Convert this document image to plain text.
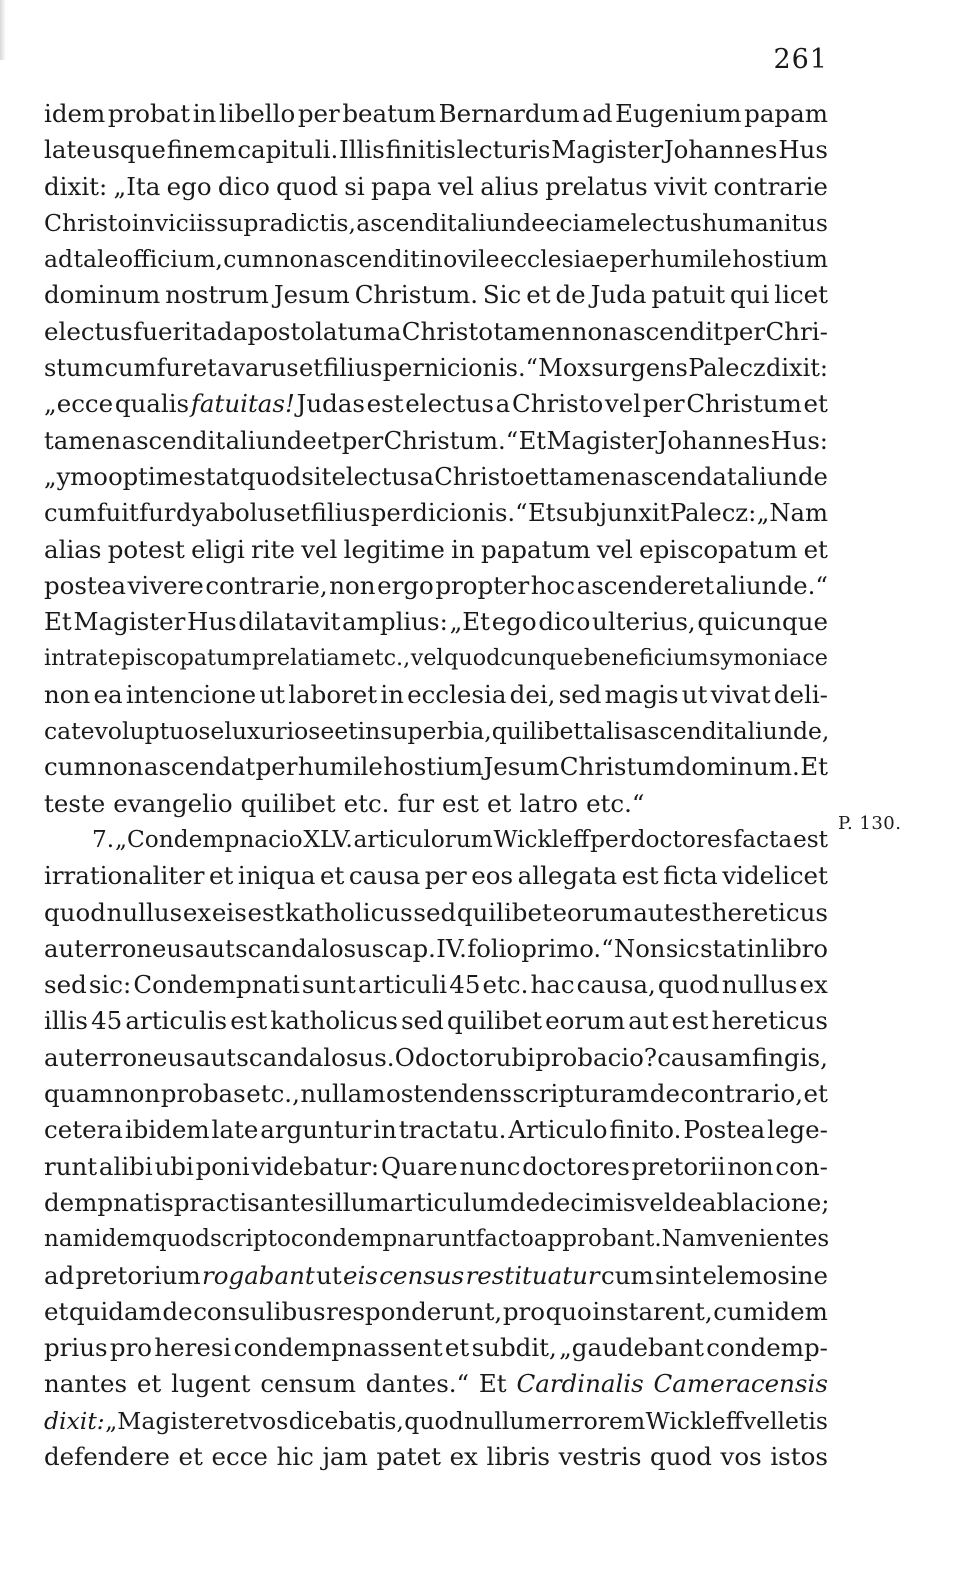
261
idem probat in libello per beatum Bernardum ad Eugenium papam
late usque finem capituli. Illis finitis lecturis Magister Johannes Hus
dixit: „Ita ego dico quod si papa vel alius prelatus vivit contrarie
Christo in viciis supradictis, ascendit aliunde eciam electus humanitus
ad tale officium, cum non ascendit in ovile ecclesiae per humile hostium
dominum nostrum Jesum Christum. Sic et de Juda patuit qui licet
electus fuerit ad apostolatum a Christo tamen non ascendit per Chri-
stum cum fur et avarus et filius pernicionis.“ Mox surgens Palecz dixit:
„ecce qualis fatuitas! Judas est electus a Christo vel per Christum et
tamen ascendit aliunde et per Christum.“ Et Magister Johannes Hus:
„ymo optime stat quod sit electus a Christo et tamen ascendat aliunde
cum fuit fur dyabolus et filius perdicionis.“ Et subjunxit Palecz: „Nam
alias potest eligi rite vel legitime in papatum vel episcopatum et
postea vivere contrarie, non ergo propter hoc ascenderet aliunde.“
Et Magister Hus dilatavit amplius: „Et ego dico ulterius, quicunque
intrat episcopatum prelatiam etc., vel quodcunque beneficium symoniace
non ea intencione ut laboret in ecclesia dei, sed magis ut vivat deli-
cate voluptuose luxuriose et in superbia, quilibet talis ascendit aliunde,
cum non ascendat per humile hostium Jesum Christum dominum. Et
teste evangelio quilibet etc. fur est et latro etc.“
7. „Condempnacio XLV. articulorum Wickleff per doctores facta est
irrationaliter et iniqua et causa per eos allegata est ficta videlicet
quod nullus ex eis est katholicus sed quilibet eorum aut est hereticus
aut erroneus aut scandalosus cap. IV. folio primo.“ Non sic stat in libro
sed sic: Condempnati sunt articuli 45 etc. hac causa, quod nullus ex
illis 45 articulis est katholicus sed quilibet eorum aut est hereticus
aut erroneus aut scandalosus. O doctor ubi probacio? causam fingis,
quam non probas etc., nullam ostendens scripturam de contrario, et
cetera ibidem late arguntur in tractatu. Articulo finito. Postea lege-
runt alibi ubi poni videbatur: Quare nunc doctores pretorii non con-
dempnatis practisantes illum articulum de decimis vel de ablacione;
nam idem quod scripto condempnarunt facto approbant. Nam venientes
ad pretorium rogabant ut eis census restituatur cum sint elemosine
et quidam de consulibus responderunt, pro quo instarent, cum idem
prius pro heresi condempnassent et subdit, „gaudebant condemp-
nantes et lugent censum dantes.“ Et Cardinalis Cameracensis
dixit: „Magister et vos dicebatis, quod nullum errorem Wickleff velletis
defendere et ecce hic jam patet ex libris vestris quod vos istos
P. 130.
